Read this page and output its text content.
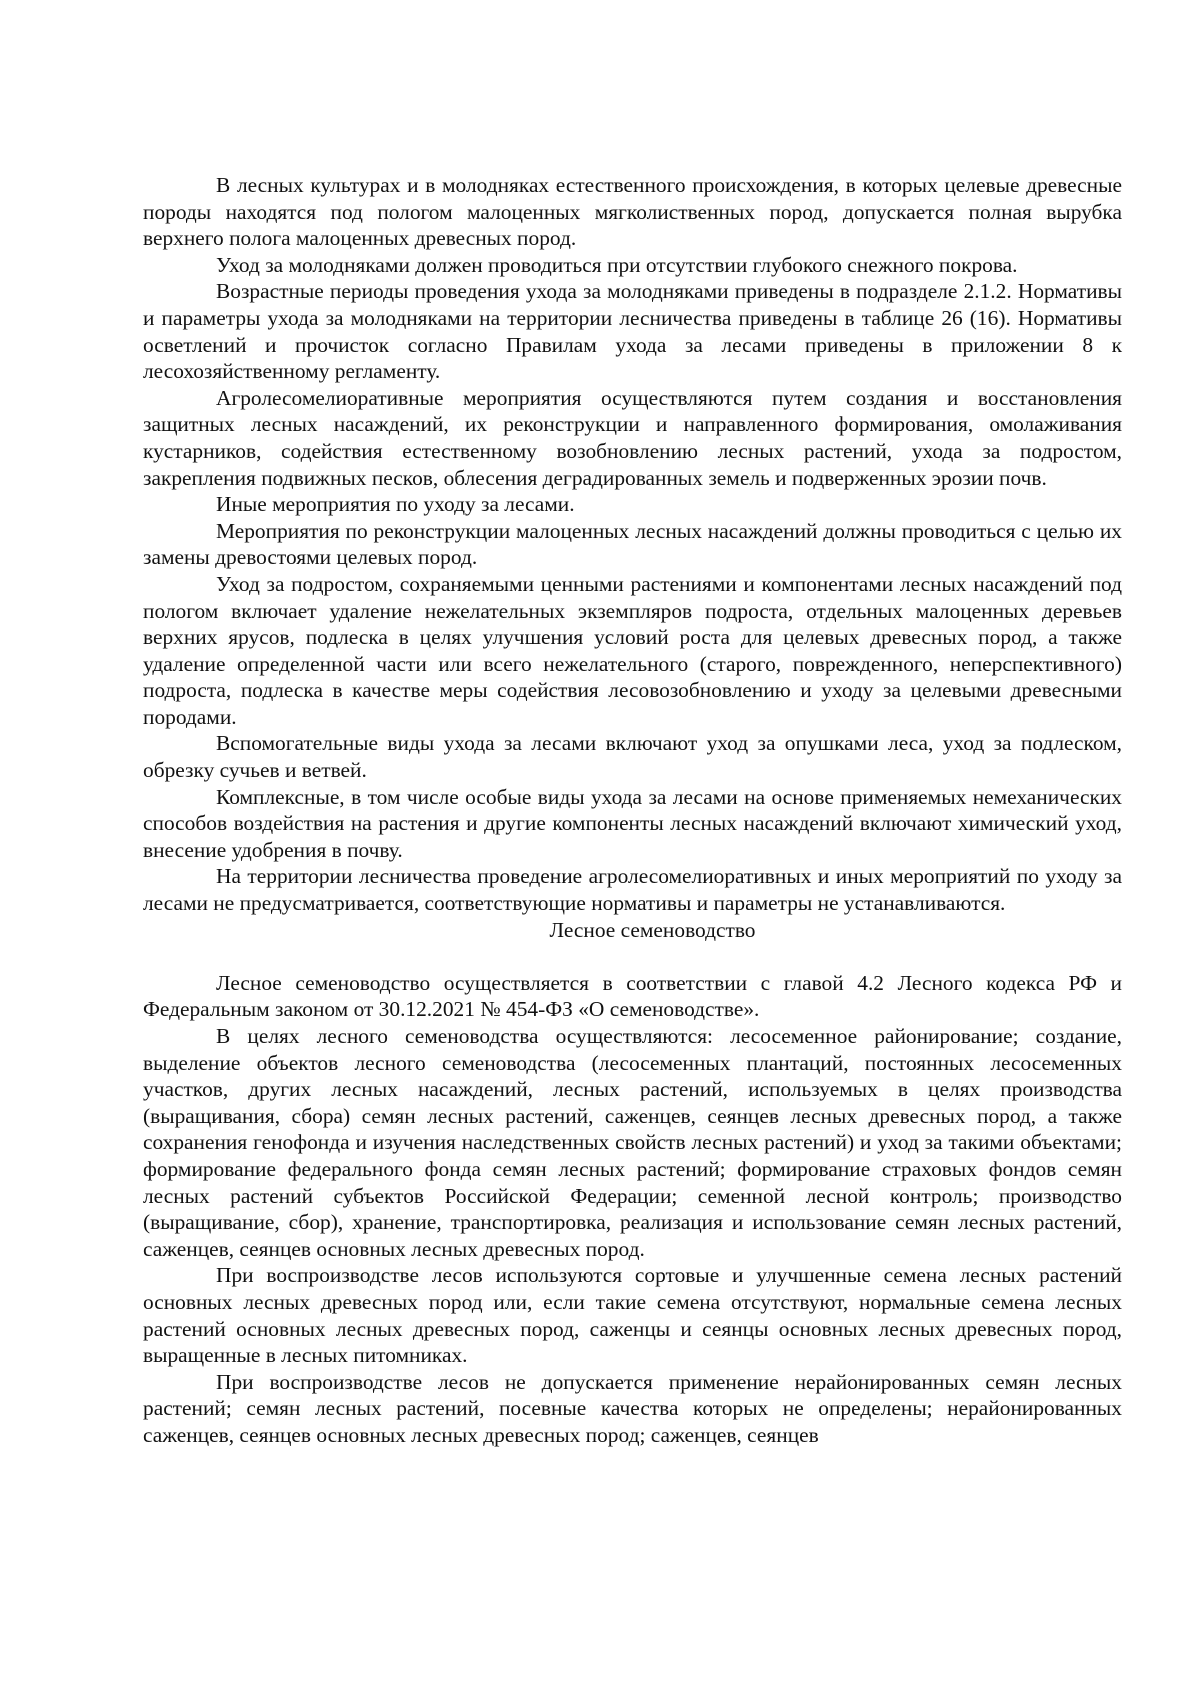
В лесных культурах и в молодняках естественного происхождения, в которых целевые древесные породы находятся под пологом малоценных мягколиственных пород, допускается полная вырубка верхнего полога малоценных древесных пород.

Уход за молодняками должен проводиться при отсутствии глубокого снежного покрова.

Возрастные периоды проведения ухода за молодняками приведены в подразделе 2.1.2. Нормативы и параметры ухода за молодняками на территории лесничества приведены в таблице 26 (16). Нормативы осветлений и прочисток согласно Правилам ухода за лесами приведены в приложении 8 к лесохозяйственному регламенту.

Агролесомелиоративные мероприятия осуществляются путем создания и восстановления защитных лесных насаждений, их реконструкции и направленного формирования, омолаживания кустарников, содействия естественному возобновлению лесных растений, ухода за подростом, закрепления подвижных песков, облесения деградированных земель и подверженных эрозии почв.

Иные мероприятия по уходу за лесами.

Мероприятия по реконструкции малоценных лесных насаждений должны проводиться с целью их замены древостоями целевых пород.

Уход за подростом, сохраняемыми ценными растениями и компонентами лесных насаждений под пологом включает удаление нежелательных экземпляров подроста, отдельных малоценных деревьев верхних ярусов, подлеска в целях улучшения условий роста для целевых древесных пород, а также удаление определенной части или всего нежелательного (старого, поврежденного, неперспективного) подроста, подлеска в качестве меры содействия лесовозобновлению и уходу за целевыми древесными породами.

Вспомогательные виды ухода за лесами включают уход за опушками леса, уход за подлеском, обрезку сучьев и ветвей.

Комплексные, в том числе особые виды ухода за лесами на основе применяемых немеханических способов воздействия на растения и другие компоненты лесных насаждений включают химический уход, внесение удобрения в почву.

На территории лесничества проведение агролесомелиоративных и иных мероприятий по уходу за лесами не предусматривается, соответствующие нормативы и параметры не устанавливаются.

Лесное семеноводство

Лесное семеноводство осуществляется в соответствии с главой 4.2 Лесного кодекса РФ и Федеральным законом от 30.12.2021 № 454-ФЗ «О семеноводстве».

В целях лесного семеноводства осуществляются: лесосеменное районирование; создание, выделение объектов лесного семеноводства (лесосеменных плантаций, постоянных лесосеменных участков, других лесных насаждений, лесных растений, используемых в целях производства (выращивания, сбора) семян лесных растений, саженцев, сеянцев лесных древесных пород, а также сохранения генофонда и изучения наследственных свойств лесных растений) и уход за такими объектами; формирование федерального фонда семян лесных растений; формирование страховых фондов семян лесных растений субъектов Российской Федерации; семенной лесной контроль; производство (выращивание, сбор), хранение, транспортировка, реализация и использование семян лесных растений, саженцев, сеянцев основных лесных древесных пород.

При воспроизводстве лесов используются сортовые и улучшенные семена лесных растений основных лесных древесных пород или, если такие семена отсутствуют, нормальные семена лесных растений основных лесных древесных пород, саженцы и сеянцы основных лесных древесных пород, выращенные в лесных питомниках.

При воспроизводстве лесов не допускается применение нерайонированных семян лесных растений; семян лесных растений, посевные качества которых не определены; нерайонированных саженцев, сеянцев основных лесных древесных пород; саженцев, сеянцев
